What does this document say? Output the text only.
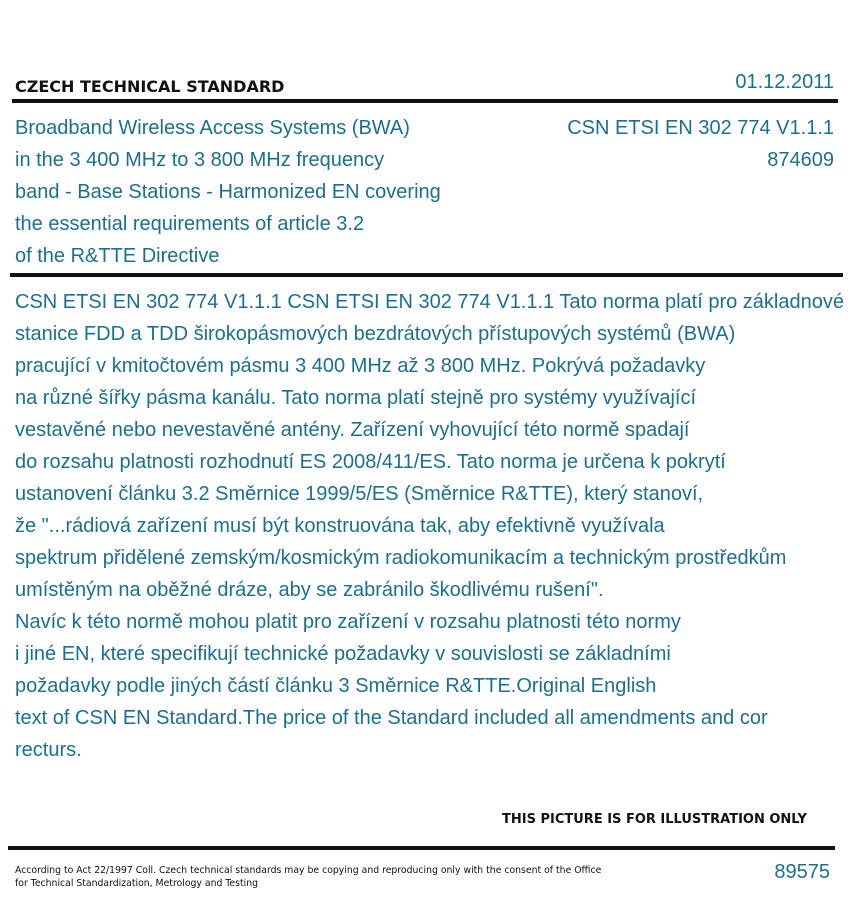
CZECH TECHNICAL STANDARD	01.12.2011
Broadband Wireless Access Systems (BWA)
in the 3 400 MHz to 3 800 MHz frequency
band - Base Stations - Harmonized EN covering
the essential requirements of article 3.2
of the R&TTE Directive
CSN ETSI EN 302 774 V1.1.1
874609
CSN ETSI EN 302 774 V1.1.1 CSN ETSI EN 302 774 V1.1.1 Tato norma platí pro základnové
stanice FDD a TDD širokopásmových bezdrátových přístupových systémů (BWA)
pracující v kmitočtovém pásmu 3 400 MHz až 3 800 MHz. Pokrývá požadavky
na různé šířky pásma kanálu. Tato norma platí stejně pro systémy využívající
vestavěné nebo nevestavěné antény. Zařízení vyhovující této normě spadají
do rozsahu platnosti rozhodnutí ES 2008/411/ES. Tato norma je určena k pokrytí
ustanovení článku 3.2 Směrnice 1999/5/ES (Směrnice R&TTE), který stanoví,
že "...rádiová zařízení musí být konstruována tak, aby efektivně využívala
spektrum přidělené zemským/kosmickým radiokomunikacím a technickým prostředkům
umístěným na oběžné dráze, aby se zabránilo škodlivému rušení".
Navíc k této normě mohou platit pro zařízení v rozsahu platnosti této normy
i jiné EN, které specifikují technické požadavky v souvislosti se základními
požadavky podle jiných částí článku 3 Směrnice R&TTE.Original English
text of CSN EN Standard.The price of the Standard included all amendments and cor
recturs.
THIS PICTURE IS FOR ILLUSTRATION ONLY
According to Act 22/1997 Coll. Czech technical standards may be copying and reproducing only with the consent of the Office
for Technical Standardization, Metrology and Testing
89575
